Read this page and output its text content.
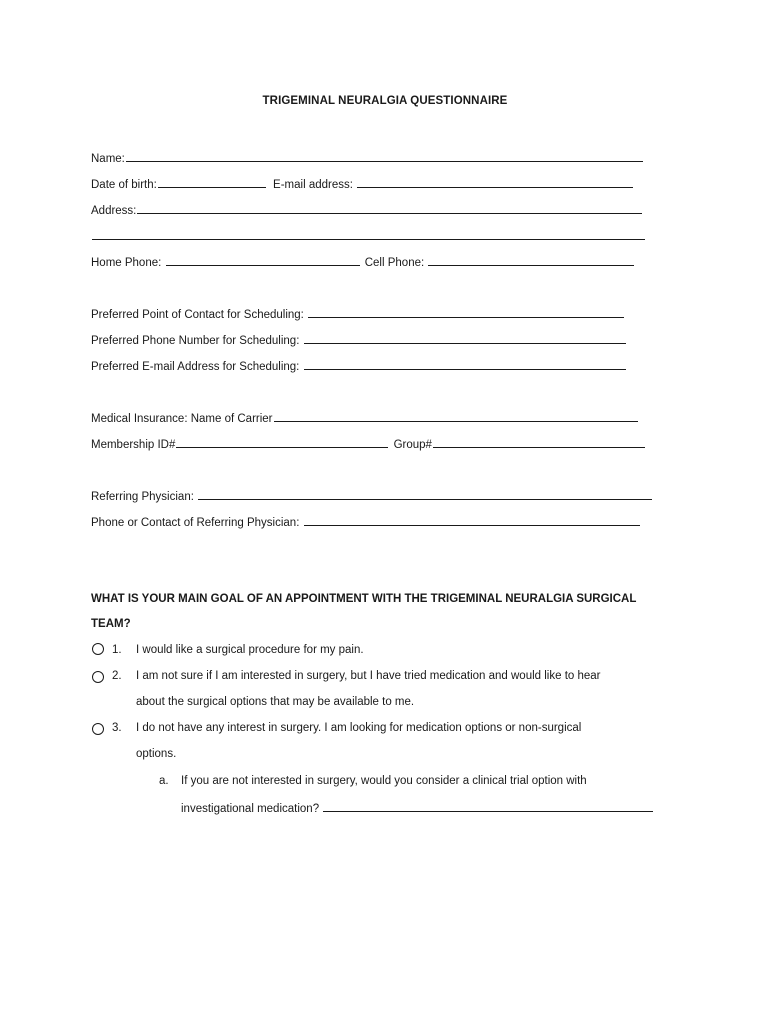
TRIGEMINAL NEURALGIA QUESTIONNAIRE
Name:
Date of birth:	E-mail address:
Address:
Home Phone:	Cell Phone:
Preferred Point of Contact for Scheduling:
Preferred Phone Number for Scheduling:
Preferred E-mail Address for Scheduling:
Medical Insurance: Name of Carrier
Membership ID#	Group#
Referring Physician:
Phone or Contact of Referring Physician:
WHAT IS YOUR MAIN GOAL OF AN APPOINTMENT WITH THE TRIGEMINAL NEURALGIA SURGICAL
TEAM?
1. I would like a surgical procedure for my pain.
2. I am not sure if I am interested in surgery, but I have tried medication and would like to hear
about the surgical options that may be available to me.
3. I do not have any interest in surgery. I am looking for medication options or non-surgical
options.
a. If you are not interested in surgery, would you consider a clinical trial option with
investigational medication?
